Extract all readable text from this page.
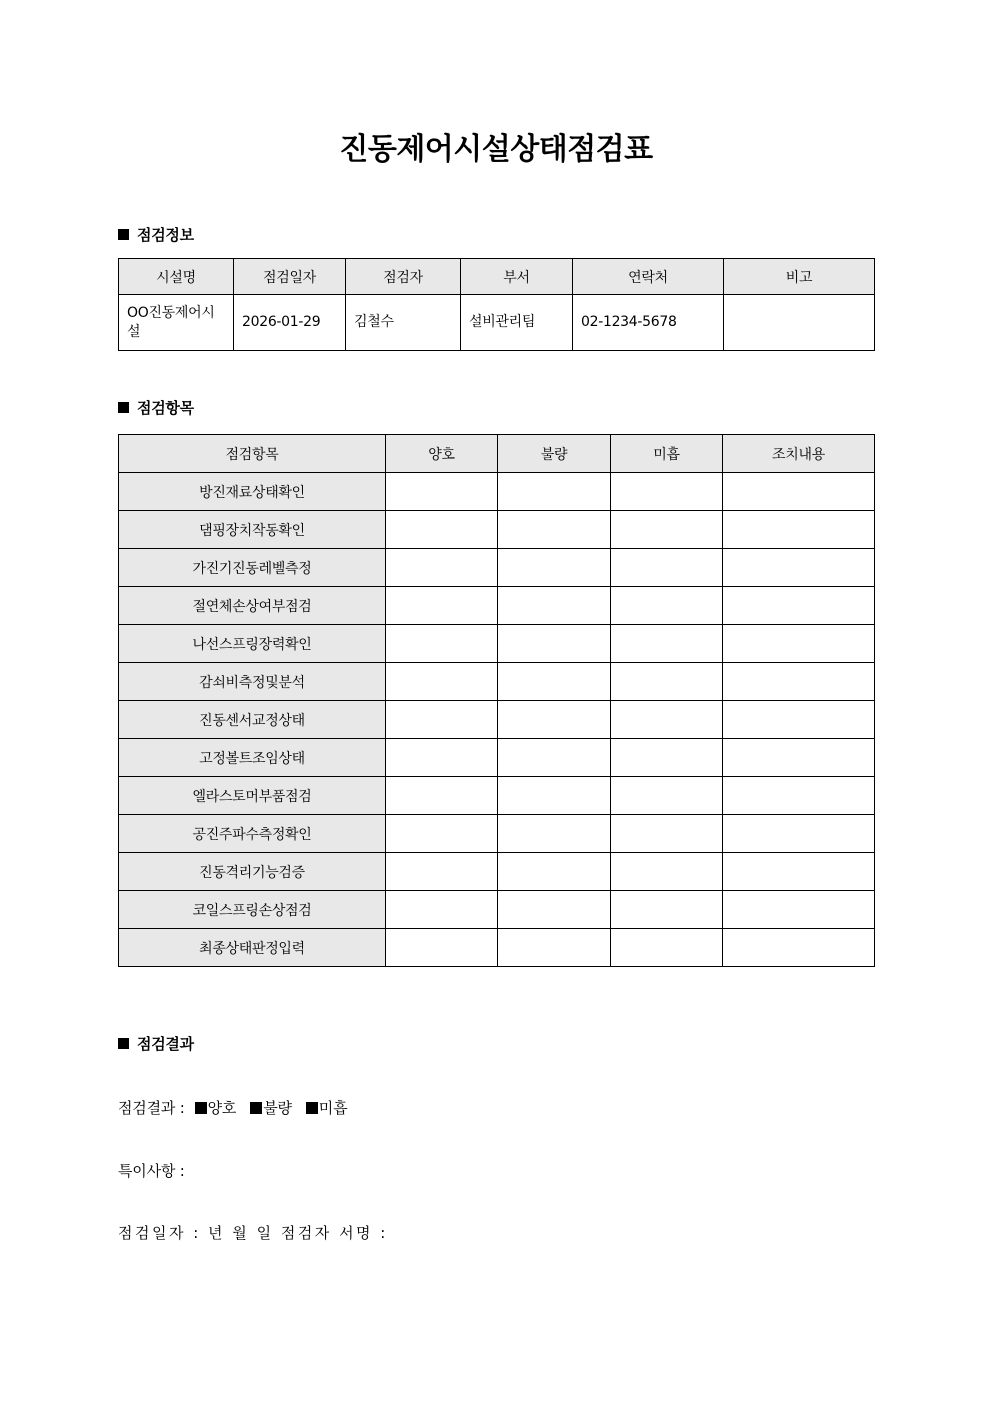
진동제어시설상태점검표
점검정보
시설명	점검일자	점검자	부서	연락처	비고
OO진동제어시설	2026-01-29	김철수	설비관리팀	02-1234-5678	
점검항목
점검항목	양호	불량	미흡	조치내용
방진재료상태확인				
댐핑장치작동확인				
가진기진동레벨측정				
절연체손상여부점검				
나선스프링장력확인				
감쇠비측정및분석				
진동센서교정상태				
고정볼트조임상태				
엘라스토머부품점검				
공진주파수측정확인				
진동격리기능검증				
코일스프링손상점검				
최종상태판정입력				
점검결과
점검결과 : 양호 불량 미흡
특이사항 :
점검일자 : 년 월 일 점검자 서명 :
